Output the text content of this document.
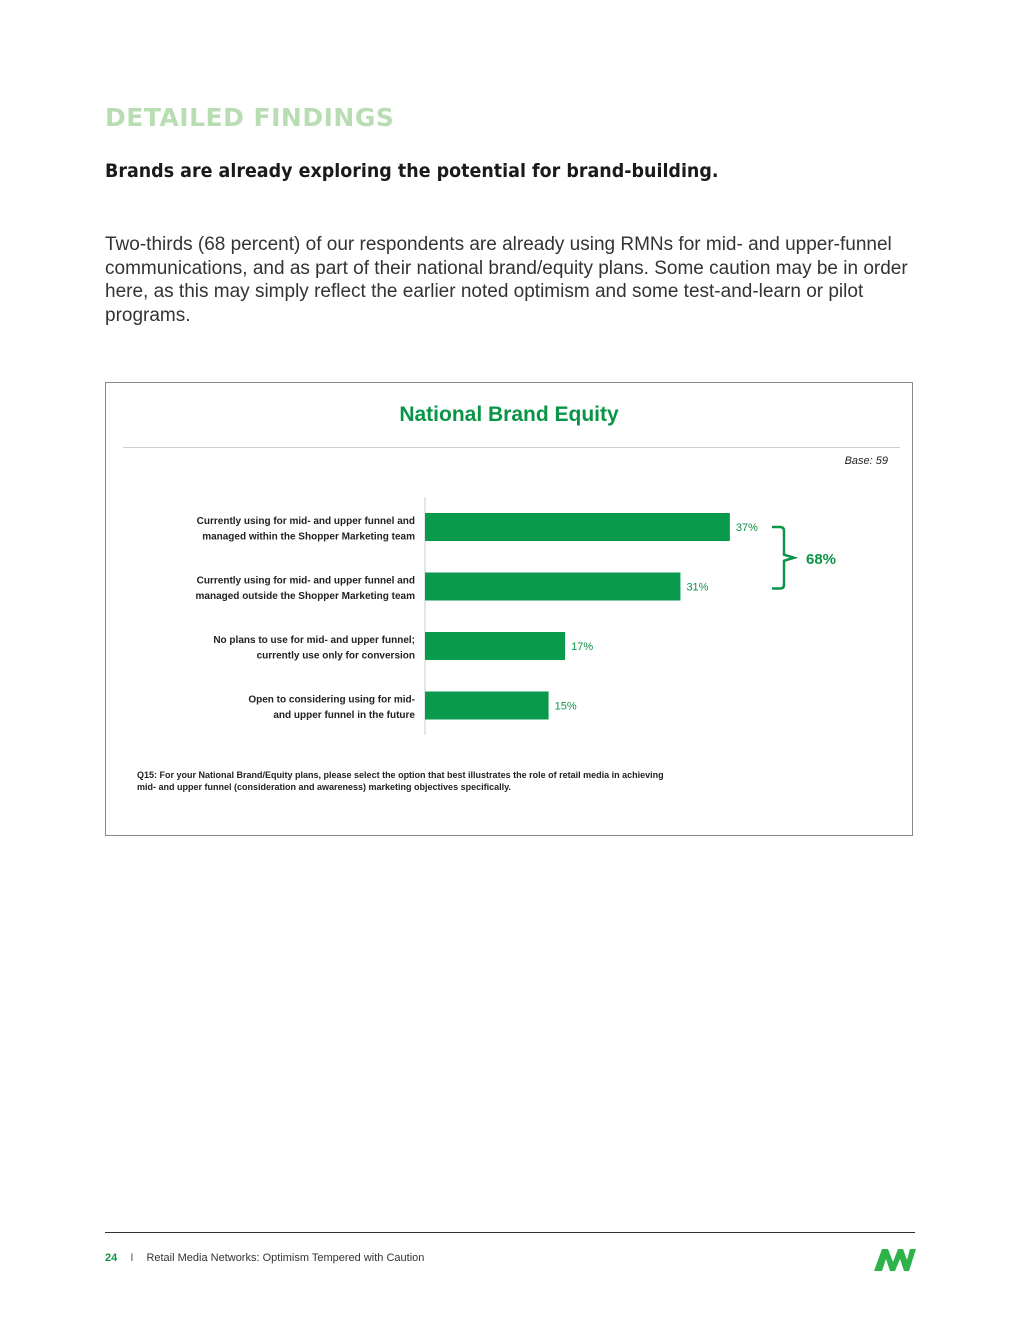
DETAILED FINDINGS
Brands are already exploring the potential for brand-building.

Two-thirds (68 percent) of our respondents are already using RMNs for mid- and upper-funnel communications, and as part of their national brand/equity plans. Some caution may be in order here, as this may simply reflect the earlier noted optimism and some test-and-learn or pilot programs.

National Brand Equity
Base: 59
37%
Currently using for mid- and upper funnel and
managed within the Shopper Marketing team
31%
Currently using for mid- and upper funnel and
managed outside the Shopper Marketing team
17%
No plans to use for mid- and upper funnel;
currently use only for conversion
15%
Open to considering using for mid-
and upper funnel in the future
68%

Q15: For your National Brand/Equity plans, please select the option that best illustrates the role of retail media in achieving mid- and upper funnel (consideration and awareness) marketing objectives specifically.

24 I Retail Media Networks: Optimism Tempered with Caution
